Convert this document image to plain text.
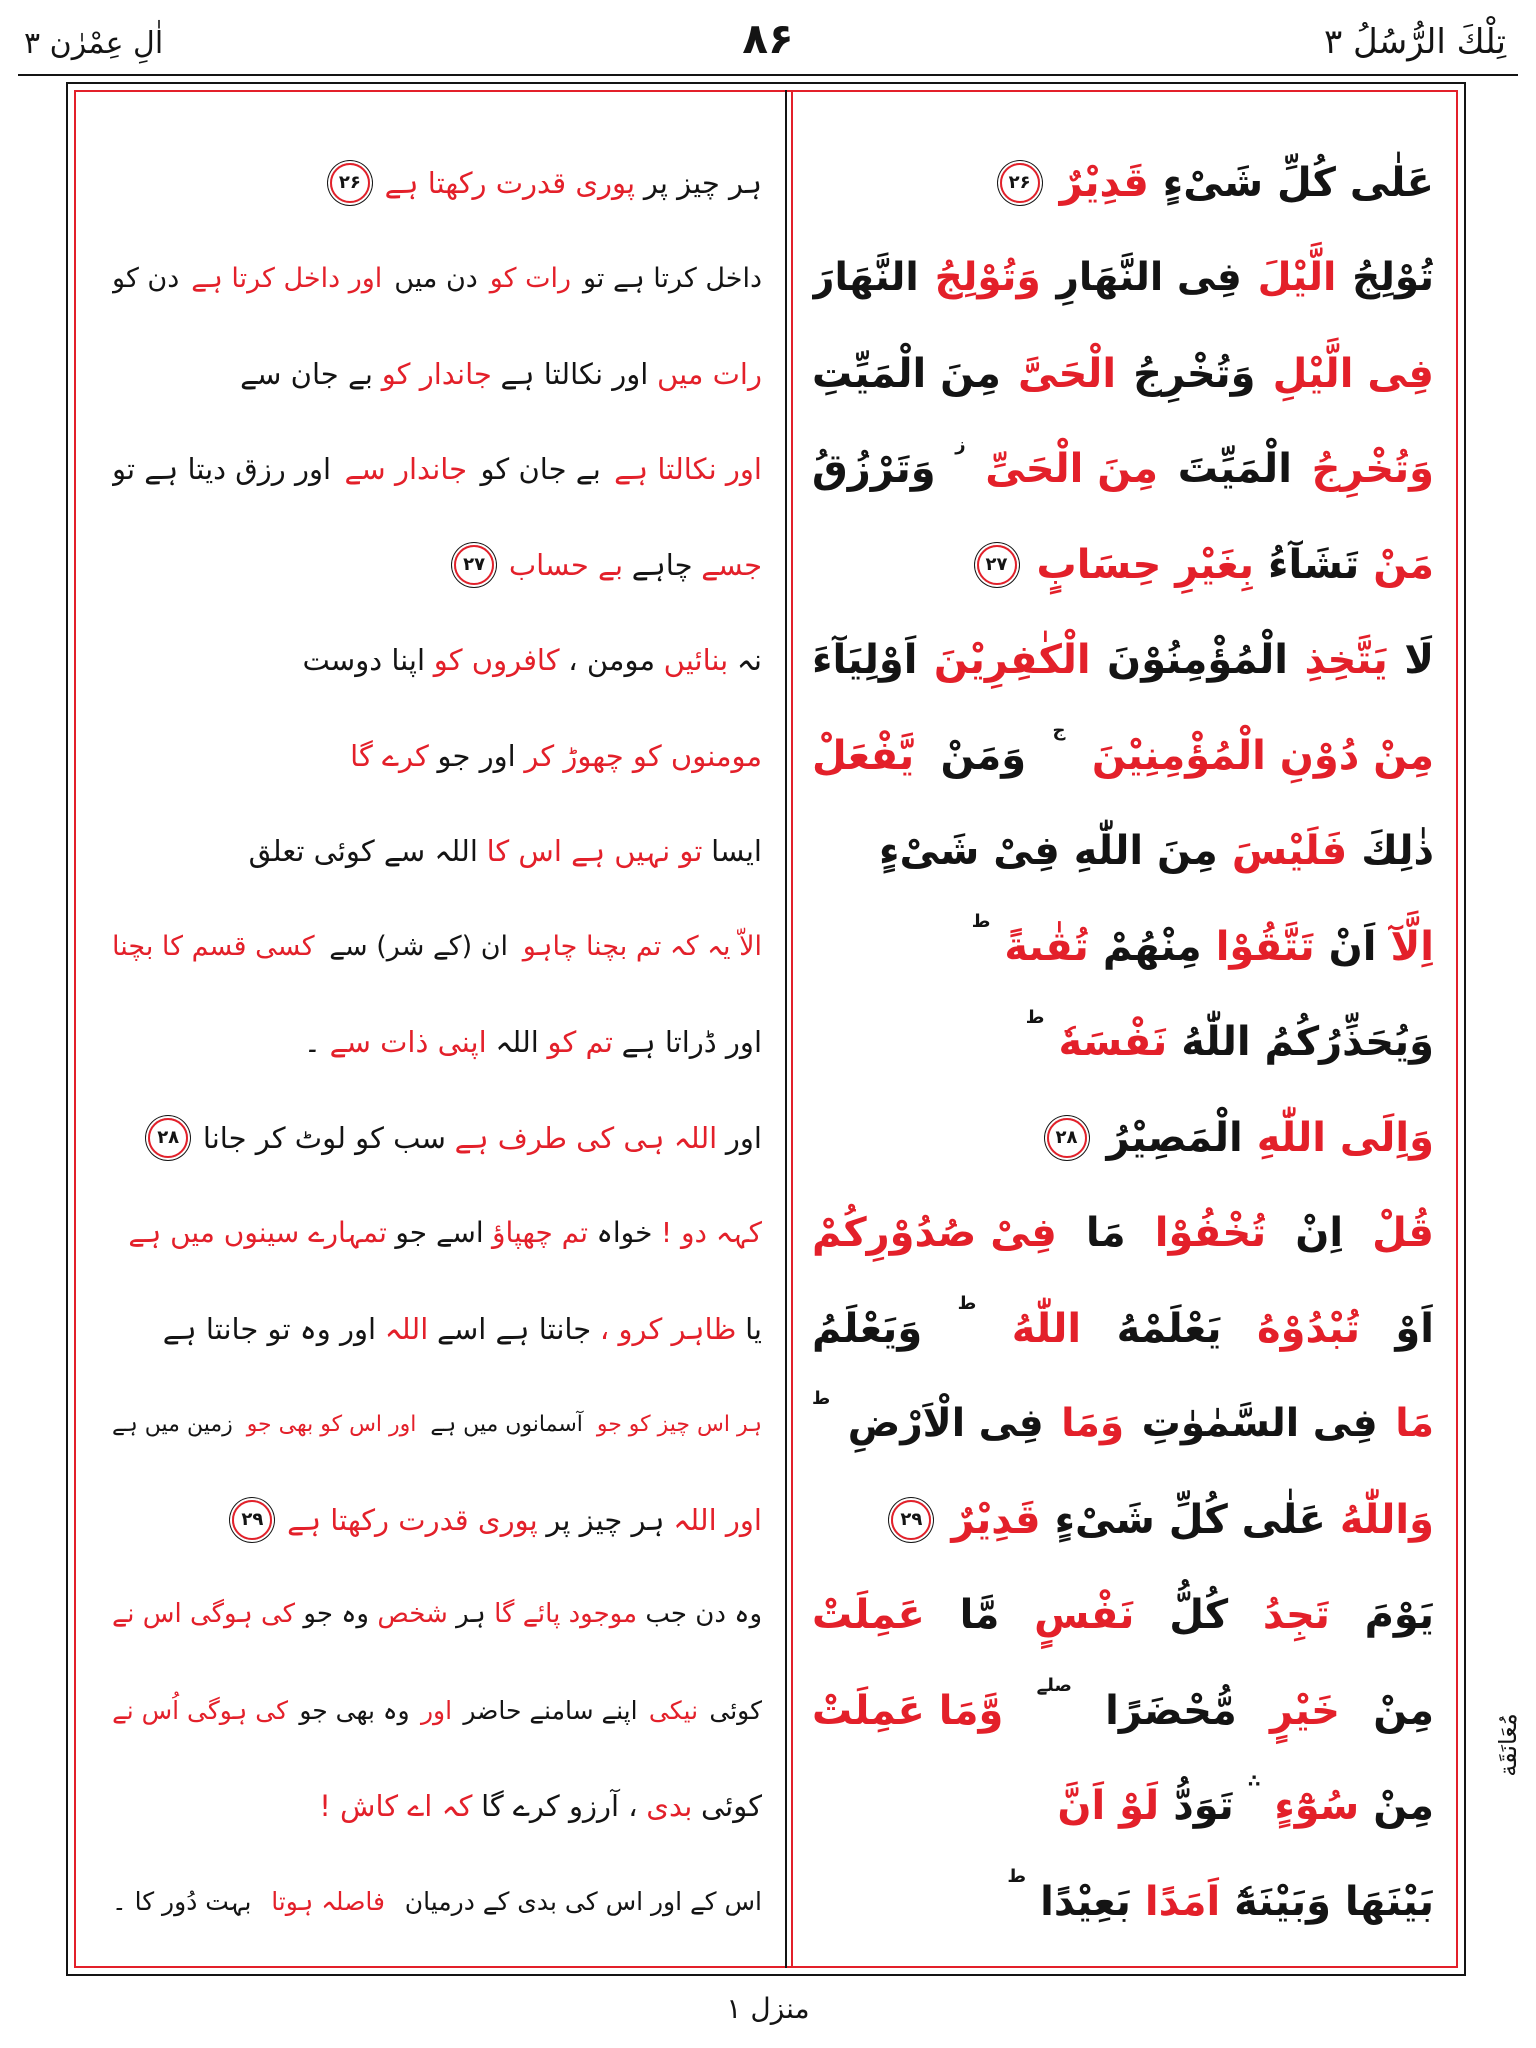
اٰلِ عِمْرٰن ۳	۸۶	تِلْكَ الرُّسُلُ ۳
ہر چیز پر
پوری قدرت رکھتا ہے
۲۶
داخل کرتا ہے تو
رات کو
دن میں
اور داخل کرتا ہے
دن کو
رات میں
اور نکالتا ہے
جاندار کو
بے جان سے
اور نکالتا ہے
بے جان کو
جاندار سے
اور رزق دیتا ہے تو
جسے
چاہے
بے حساب
۲۷
نہ
بنائیں
مومن ،
کافروں کو
اپنا دوست
مومنوں کو چھوڑ کر
اور جو
کرے گا
ایسا
تو نہیں ہے اس کا
اللہ سے کوئی تعلق
الاّ یہ کہ تم بچنا چاہو
ان (کے شر) سے
کسی قسم کا بچنا
اور ڈراتا ہے
تم کو
اللہ
اپنی ذات سے
۔
اور
اللہ ہی کی طرف ہے
سب کو لوٹ کر جانا
۲۸
کہہ دو !
خواہ
تم چھپاؤ
اسے جو
تمہارے سینوں میں ہے
یا
ظاہر کرو ،
جانتا ہے اسے
اللہ
اور وہ تو جانتا ہے
ہر اس چیز کو جو
آسمانوں میں ہے
اور اس کو بھی جو
زمین میں ہے
اور اللہ
ہر چیز پر
پوری قدرت رکھتا ہے
۲۹
وہ دن جب
موجود پائے گا
ہر
شخص
وہ جو
کی ہوگی اس نے
کوئی
نیکی
اپنے سامنے حاضر
اور
وہ بھی جو
کی ہوگی اُس نے
کوئی
بدی
، آرزو کرے گا
کہ اے کاش !
اس کے اور اس کی بدی کے درمیان
فاصلہ ہوتا
بہت دُور کا ۔
عَلٰى كُلِّ شَىْءٍ
قَدِيْرٌ
۲۶
تُوْلِجُ
الَّيْلَ
فِى النَّهَارِ
وَتُوْلِجُ
النَّهَارَ
فِى الَّيْلِ
وَتُخْرِجُ
الْحَىَّ
مِنَ الْمَيِّتِ
وَتُخْرِجُ
الْمَيِّتَ
مِنَ الْحَىِّ
ز
وَتَرْزُقُ
مَنْ
تَشَآءُ
بِغَيْرِ حِسَابٍ
۲۷
لَا
يَتَّخِذِ
الْمُؤْمِنُوْنَ
الْكٰفِرِيْنَ
اَوْلِيَآءَ
مِنْ دُوْنِ الْمُؤْمِنِيْنَ
ج
وَمَنْ
يَّفْعَلْ
ذٰلِكَ
فَلَيْسَ
مِنَ اللّٰهِ فِىْ شَىْءٍ
اِلَّآ
اَنْ
تَتَّقُوْا
مِنْهُمْ
تُقٰىةً
ط
وَيُحَذِّرُكُمُ اللّٰهُ
نَفْسَهٗ
ط
وَاِلَى اللّٰهِ
الْمَصِيْرُ
۲۸
قُلْ
اِنْ
تُخْفُوْا
مَا
فِىْ صُدُوْرِكُمْ
اَوْ
تُبْدُوْهُ
يَعْلَمْهُ
اللّٰهُ
ط
وَيَعْلَمُ
مَا
فِى السَّمٰوٰتِ
وَمَا
فِى الْاَرْضِ
ط
وَاللّٰهُ
عَلٰى كُلِّ شَىْءٍ
قَدِيْرٌ
۲۹
يَوْمَ
تَجِدُ
كُلُّ
نَفْسٍ
مَّا
عَمِلَتْ
مِنْ
خَيْرٍ
مُّحْضَرًا
صلے
وَّمَا عَمِلَتْ
مِنْ
سُوْٓءٍ
∴
تَوَدُّ
لَوْ اَنَّ
بَيْنَهَا وَبَيْنَهٗٓ
اَمَدًا
بَعِيْدًا
ط
مُعَانَقَة
منزل ۱
